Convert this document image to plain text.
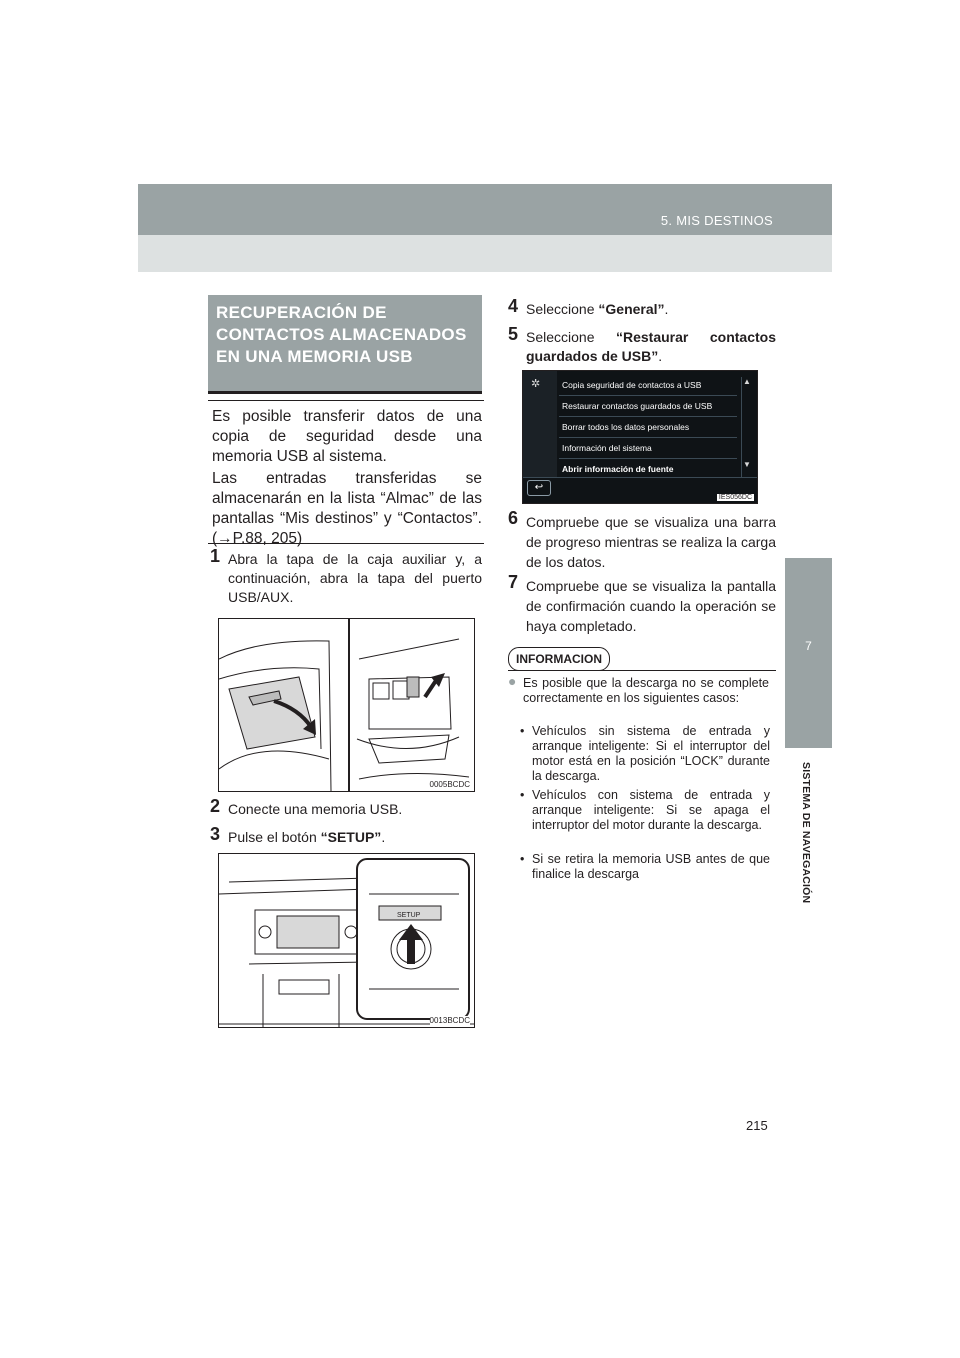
5. MIS DESTINOS
7
SISTEMA DE NAVEGACIÓN
RECUPERACIÓN DE CONTACTOS ALMACENADOS EN UNA MEMORIA USB
Es posible transferir datos de una copia de seguridad desde una memoria USB al sistema.
Las entradas transferidas se almacenarán en la lista “Almac” de las pantallas “Mis destinos” y “Contactos”. (→P.88, 205)
1 Abra la tapa de la caja auxiliar y, a continuación, abra la tapa del puerto USB/AUX.
0005BCDC
2 Conecte una memoria USB.
3 Pulse el botón “SETUP”.
SETUP
0013BCDC
4 Seleccione “General”.
5 Seleccione “Restaurar contactos guardados de USB”.
✲	Copia seguridad de contactos a USB
Restaurar contactos guardados de USB
Borrar todos los datos personales
Información del sistema
Abrir información de fuente
▲
▼
↩
IES056DC
6 Compruebe que se visualiza una barra de progreso mientras se realiza la carga de los datos.
7 Compruebe que se visualiza la pantalla de confirmación cuando la operación se haya completado.
INFORMACION
● Es posible que la descarga no se complete correctamente en los siguientes casos:
• Vehículos sin sistema de entrada y arranque inteligente: Si el interruptor del motor está en la posición “LOCK” durante la descarga.
• Vehículos con sistema de entrada y arranque inteligente: Si se apaga el interruptor del motor durante la descarga.
• Si se retira la memoria USB antes de que finalice la descarga
215
